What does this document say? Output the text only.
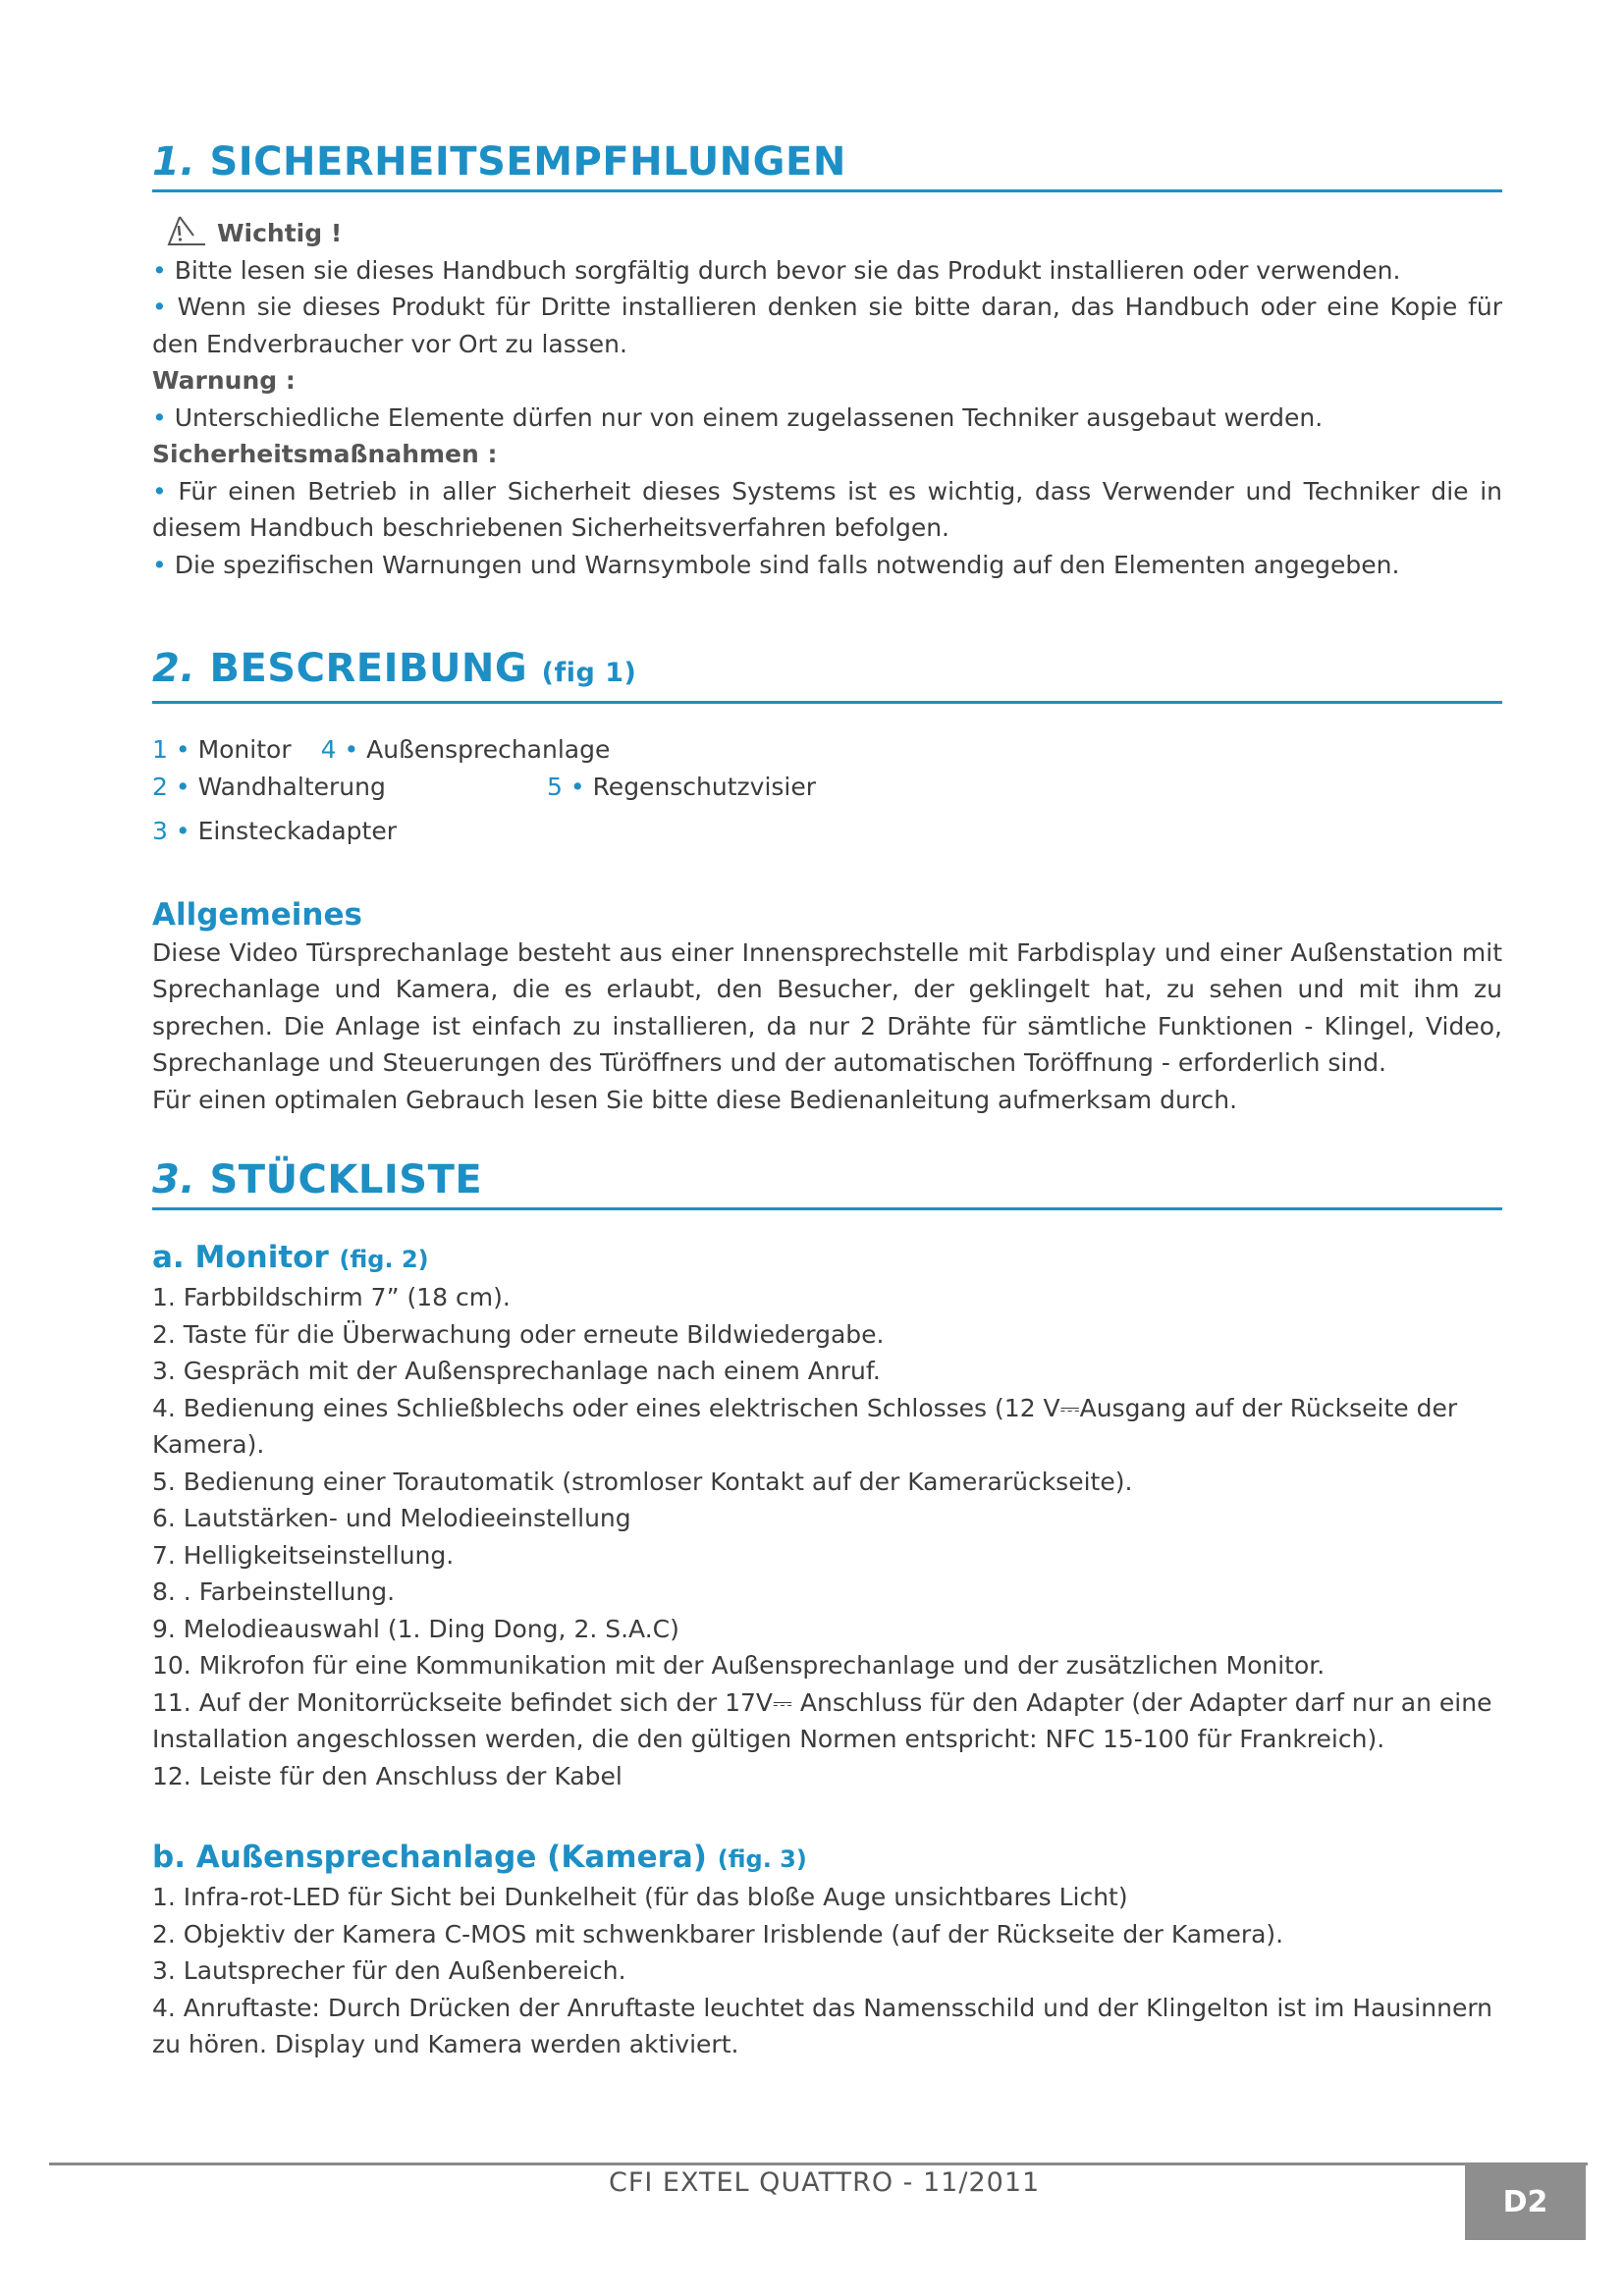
1. SICHERHEITSEMPFHLUNGEN
Wichtig !

• Bitte lesen sie dieses Handbuch sorgfältig durch bevor sie das Produkt installieren oder verwenden.

• Wenn sie dieses Produkt für Dritte installieren denken sie bitte daran, das Handbuch oder eine Kopie für den Endverbraucher vor Ort zu lassen.

Warnung :

• Unterschiedliche Elemente dürfen nur von einem zugelassenen Techniker ausgebaut werden.

Sicherheitsmaßnahmen :

• Für einen Betrieb in aller Sicherheit dieses Systems ist es wichtig, dass Verwender und Techniker die in diesem Handbuch beschriebenen Sicherheitsverfahren befolgen.

• Die spezifischen Warnungen und Warnsymbole sind falls notwendig auf den Elementen angegeben.

2. BESCREIBUNG (fig 1)
1 • Monitor 4 • Außensprechanlage
2 • Wandhalterung	5 • Regenschutzvisier
3 • Einsteckadapter
Allgemeines

Diese Video Türsprechanlage besteht aus einer Innensprechstelle mit Farbdisplay und einer Außenstation mit Sprechanlage und Kamera, die es erlaubt, den Besucher, der geklingelt hat, zu sehen und mit ihm zu sprechen. Die Anlage ist einfach zu installieren, da nur 2 Drähte für sämtliche Funktionen - Klingel, Video, Sprechanlage und Steuerungen des Türöffners und der automatischen Toröffnung - erforderlich sind.

Für einen optimalen Gebrauch lesen Sie bitte diese Bedienanleitung aufmerksam durch.

3. STÜCKLISTE
a. Monitor (fig. 2)

1. Farbbildschirm 7” (18 cm).

2. Taste für die Überwachung oder erneute Bildwiedergabe.

3. Gespräch mit der Außensprechanlage nach einem Anruf.

4. Bedienung eines Schließblechs oder eines elektrischen Schlosses (12 V⎓Ausgang auf der Rückseite der Kamera).

5. Bedienung einer Torautomatik (stromloser Kontakt auf der Kamerarückseite).

6. Lautstärken- und Melodieeinstellung

7. Helligkeitseinstellung.

8. . Farbeinstellung.

9. Melodieauswahl (1. Ding Dong, 2. S.A.C)

10. Mikrofon für eine Kommunikation mit der Außensprechanlage und der zusätzlichen Monitor.

11. Auf der Monitorrückseite befindet sich der 17V⎓ Anschluss für den Adapter (der Adapter darf nur an eine Installation angeschlossen werden, die den gültigen Normen entspricht: NFC 15-100 für Frankreich).

12. Leiste für den Anschluss der Kabel

b. Außensprechanlage (Kamera) (fig. 3)

1. Infra-rot-LED für Sicht bei Dunkelheit (für das bloße Auge unsichtbares Licht)

2. Objektiv der Kamera C-MOS mit schwenkbarer Irisblende (auf der Rückseite der Kamera).

3. Lautsprecher für den Außenbereich.

4. Anruftaste: Durch Drücken der Anruftaste leuchtet das Namensschild und der Klingelton ist im Hausinnern zu hören. Display und Kamera werden aktiviert.

CFI EXTEL QUATTRO - 11/2011
D2
